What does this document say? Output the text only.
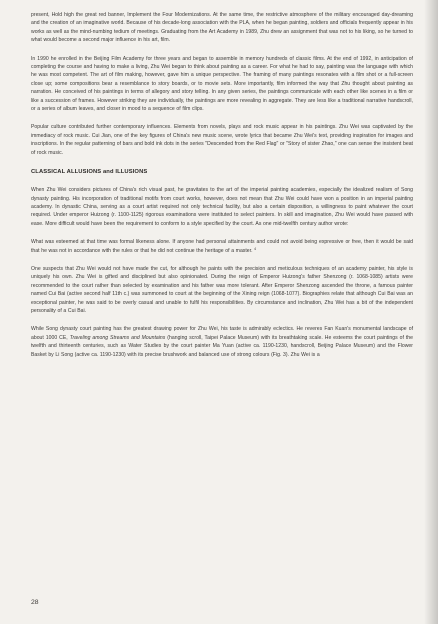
present, Hold high the great red banner, Implement the Four Modernizations. At the same time, the restrictive atmosphere of the military encouraged day-dreaming and the creation of an imaginative world. Because of his decade-long association with the PLA, when he began painting, soldiers and officials frequently appear in his works as well as the mind-numbing tedium of meetings. Graduating from the Art Academy in 1989, Zhu drew an assignment that was not to his liking, so he turned to what would become a second major influence in his art, film.

In 1990 he enrolled in the Beijing Film Academy for three years and began to assemble in memory hundreds of classic films. At the end of 1992, in anticipation of completing the course and having to make a living, Zhu Wei began to think about painting as a career. For what he had to say, painting was the language with which he was most competent. The art of film making, however, gave him a unique perspective. The framing of many paintings resonates with a film shot or a full-screen close up; some compositions bear a resemblance to story boards, or to movie sets. More importantly, film informed the way that Zhu thought about painting as narration. He conceived of his paintings in terms of allegory and story telling. In any given series, the paintings communicate with each other like scenes in a film or like a succession of frames. However striking they are individually, the paintings are more revealing in aggregate. They are less like a traditional narrative handscroll, or a series of album leaves, and closer in mood to a sequence of film clips.

Popular culture contributed further contemporary influences. Elements from novels, plays and rock music appear in his paintings. Zhu Wei was captivated by the immediacy of rock music. Cui Jian, one of the key figures of China's new music scene, wrote lyrics that became Zhu Wei's text, providing inspiration for images and inscriptions. In the regular patterning of bars and bold ink dots in the series "Descended from the Red Flag" or "Story of sister Zhao," one can sense the insistent beat of rock music.

CLASSICAL ALLUSIONS and ILLUSIONS

When Zhu Wei considers pictures of China's rich visual past, he gravitates to the art of the imperial painting academies, especially the idealized realism of Song dynasty painting. His incorporation of traditional motifs from court works, however, does not mean that Zhu Wei could have won a position in an imperial painting academy. In dynastic China, serving as a court artist required not only technical facility, but also a certain disposition, a willingness to paint whatever the court required. Under emperor Huizong (r. 1100-1125) rigorous examinations were instituted to select painters. In skill and imagination, Zhu Wei would have passed with ease. More difficult would have been the requirement to conform to a style specified by the court. As one mid-twelfth century author wrote:

What was esteemed at that time was formal likeness alone. If anyone had personal attainments and could not avoid being expressive or free, then it would be said that he was not in accordance with the rules or that he did not continue the heritage of a master. $^4$

One suspects that Zhu Wei would not have made the cut, for although he paints with the precision and meticulous techniques of an academy painter, his style is uniquely his own. Zhu Wei is gifted and disciplined but also opinionated. During the reign of Emperor Huizong's father Shenzong (r. 1068-1085) artists were recommended to the court rather than selected by examination and his father was more tolerant. After Emperor Shenzong ascended the throne, a famous painter named Cui Bai (active second half 11th c.) was summoned to court at the beginning of the Xining reign (1068-1077). Biographies relate that although Cui Bai was an exceptional painter, he was said to be overly casual and unable to fulfil his responsibilities. By circumstance and inclination, Zhu Wei has a bit of the independent personality of a Cui Bai.

While Song dynasty court painting has the greatest drawing power for Zhu Wei, his taste is admirably eclectics. He reveres Fan Kuan's monumental landscape of about 1000 CE, Traveling among Streams and Mountains (hanging scroll, Taipei Palace Museum) with its breathtaking scale. He esteems the court paintings of the twelfth and thirteenth centuries, such as Water Studies by the court painter Ma Yuan (active ca. 1190-1230, handscroll, Beijing Palace Museum) and the Flower Basket by Li Song (active ca. 1190-1230) with its precise brushwork and balanced use of strong colours (Fig. 3). Zhu Wei is a

28
